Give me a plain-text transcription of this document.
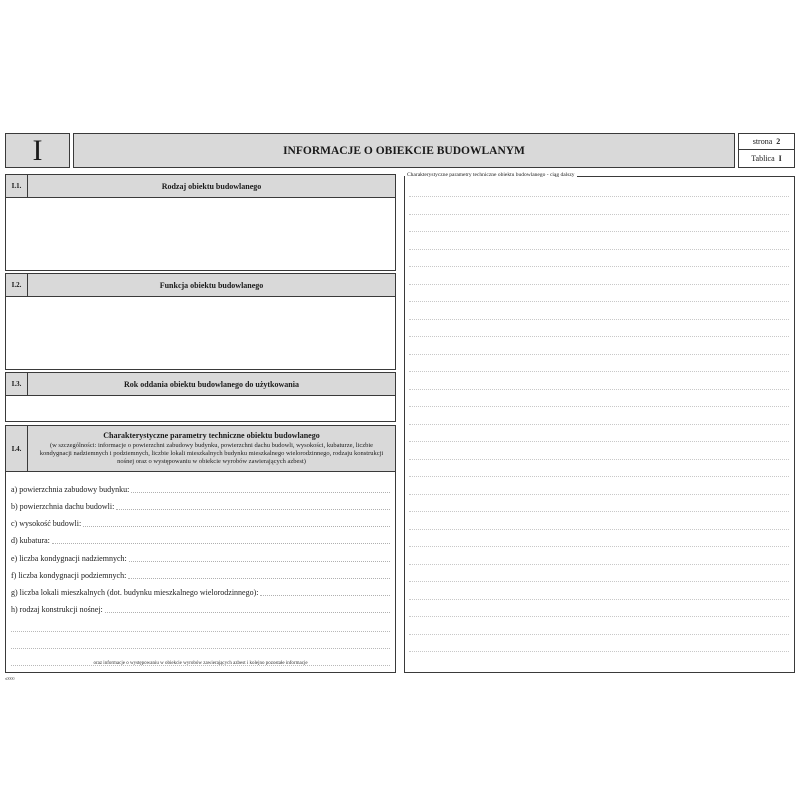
I	INFORMACJE O OBIEKCIE BUDOWLANYM
strona 2
Tablica I
I.1.	Rodzaj obiektu budowlanego
I.2.	Funkcja obiektu budowlanego
I.3.	Rok oddania obiektu budowlanego do użytkowania
I.4.
Charakterystyczne parametry techniczne obiektu budowlanego
(w szczególności: informacje o powierzchni zabudowy budynku, powierzchni dachu budowli, wysokości, kubaturze, liczbie kondygnacji nadziemnych i podziemnych, liczbie lokali mieszkalnych budynku mieszkalnego wielorodzinnego, rodzaju konstrukcji nośnej oraz o występowaniu w obiekcie wyrobów zawierających azbest)
a) powierzchnia zabudowy budynku:
b) powierzchnia dachu budowli:
c) wysokość budowli:
d) kubatura:
e) liczba kondygnacji nadziemnych:
f) liczba kondygnacji podziemnych:
g) liczba lokali mieszkalnych (dot. budynku mieszkalnego wielorodzinnego):
h) rodzaj konstrukcji nośnej:
oraz informacje o występowaniu w obiekcie wyrobów zawierających azbest i kolejno pozostałe informacje
Charakterystyczne parametry techniczne obiektu budowlanego - ciąg dalszy
s0000
